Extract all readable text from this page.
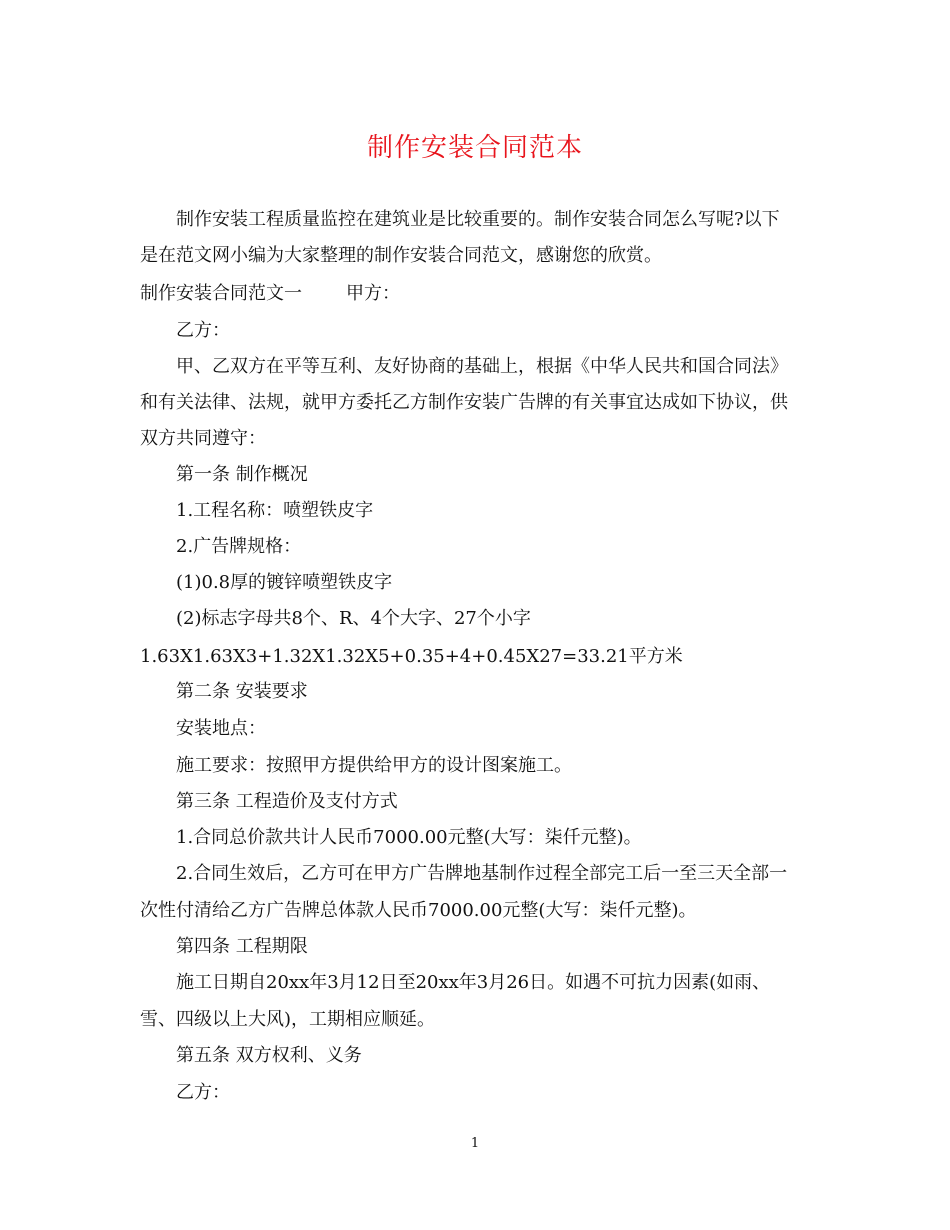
制作安装合同范本
制作安装工程质量监控在建筑业是比较重要的。制作安装合同怎么写呢?以下
是在范文网小编为大家整理的制作安装合同范文，感谢您的欣赏。
制作安装合同范文一 甲方：
乙方：
甲、乙双方在平等互利、友好协商的基础上，根据《中华人民共和国合同法》
和有关法律、法规，就甲方委托乙方制作安装广告牌的有关事宜达成如下协议，供
双方共同遵守：
第一条 制作概况
1.工程名称：喷塑铁皮字
2.广告牌规格：
(1)0.8厚的镀锌喷塑铁皮字
(2)标志字母共8个、R、4个大字、27个小字
1.63X1.63X3+1.32X1.32X5+0.35+4+0.45X27=33.21平方米
第二条 安装要求
安装地点：
施工要求：按照甲方提供给甲方的设计图案施工。
第三条 工程造价及支付方式
1.合同总价款共计人民币7000.00元整(大写：柒仟元整)。
2.合同生效后，乙方可在甲方广告牌地基制作过程全部完工后一至三天全部一
次性付清给乙方广告牌总体款人民币7000.00元整(大写：柒仟元整)。
第四条 工程期限
施工日期自20xx年3月12日至20xx年3月26日。如遇不可抗力因素(如雨、
雪、四级以上大风)，工期相应顺延。
第五条 双方权利、义务
乙方：
1
